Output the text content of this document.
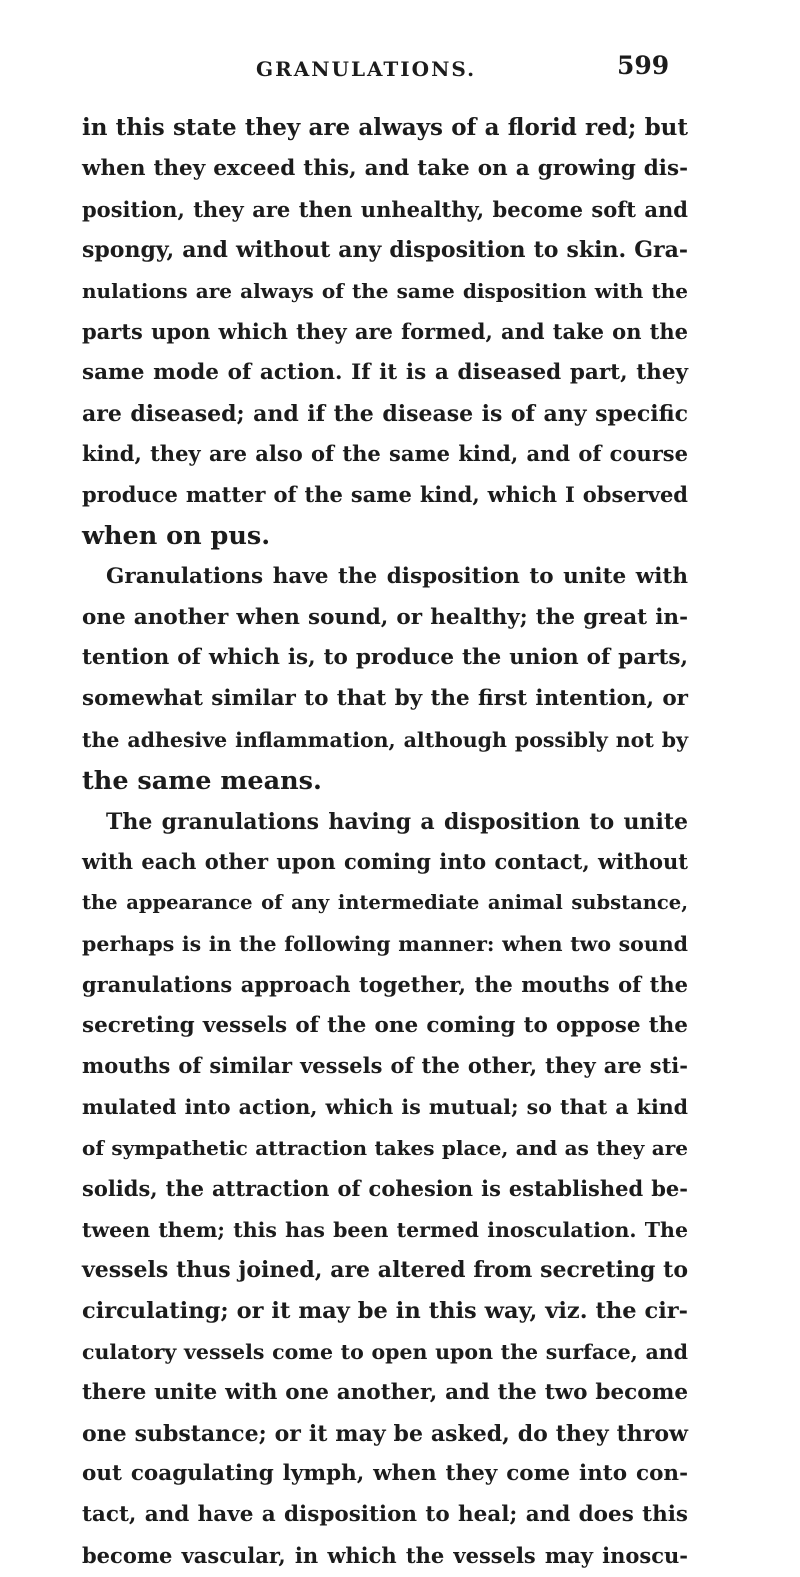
GRANULATIONS.	599
in this state they are always of a florid red; but
when they exceed this, and take on a growing dis-
position, they are then unhealthy, become soft and
spongy, and without any disposition to skin. Gra-
nulations are always of the same disposition with the
parts upon which they are formed, and take on the
same mode of action. If it is a diseased part, they
are diseased; and if the disease is of any specific
kind, they are also of the same kind, and of course
produce matter of the same kind, which I observed
when on pus.
Granulations have the disposition to unite with
one another when sound, or healthy; the great in-
tention of which is, to produce the union of parts,
somewhat similar to that by the first intention, or
the adhesive inflammation, although possibly not by
the same means.
The granulations having a disposition to unite
with each other upon coming into contact, without
the appearance of any intermediate animal substance,
perhaps is in the following manner: when two sound
granulations approach together, the mouths of the
secreting vessels of the one coming to oppose the
mouths of similar vessels of the other, they are sti-
mulated into action, which is mutual; so that a kind
of sympathetic attraction takes place, and as they are
solids, the attraction of cohesion is established be-
tween them; this has been termed inosculation. The
vessels thus joined, are altered from secreting to
circulating; or it may be in this way, viz. the cir-
culatory vessels come to open upon the surface, and
there unite with one another, and the two become
one substance; or it may be asked, do they throw
out coagulating lymph, when they come into con-
tact, and have a disposition to heal; and does this
become vascular, in which the vessels may inoscu-
